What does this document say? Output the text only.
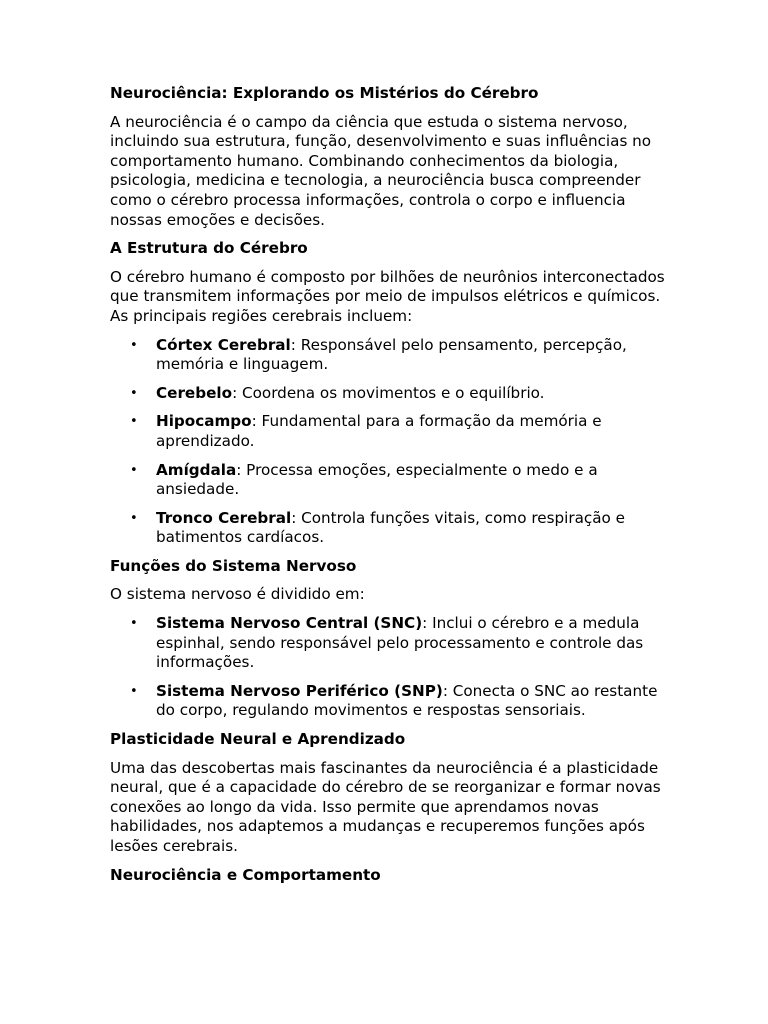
Neurociência: Explorando os Mistérios do Cérebro

A neurociência é o campo da ciência que estuda o sistema nervoso, incluindo sua estrutura, função, desenvolvimento e suas influências no comportamento humano. Combinando conhecimentos da biologia, psicologia, medicina e tecnologia, a neurociência busca compreender como o cérebro processa informações, controla o corpo e influencia nossas emoções e decisões.

A Estrutura do Cérebro

O cérebro humano é composto por bilhões de neurônios interconectados que transmitem informações por meio de impulsos elétricos e químicos. As principais regiões cerebrais incluem:

• Córtex Cerebral: Responsável pelo pensamento, percepção, memória e linguagem.
• Cerebelo: Coordena os movimentos e o equilíbrio.
• Hipocampo: Fundamental para a formação da memória e aprendizado.
• Amígdala: Processa emoções, especialmente o medo e a ansiedade.
• Tronco Cerebral: Controla funções vitais, como respiração e batimentos cardíacos.
Funções do Sistema Nervoso

O sistema nervoso é dividido em:

• Sistema Nervoso Central (SNC): Inclui o cérebro e a medula espinhal, sendo responsável pelo processamento e controle das informações.
• Sistema Nervoso Periférico (SNP): Conecta o SNC ao restante do corpo, regulando movimentos e respostas sensoriais.
Plasticidade Neural e Aprendizado

Uma das descobertas mais fascinantes da neurociência é a plasticidade neural, que é a capacidade do cérebro de se reorganizar e formar novas conexões ao longo da vida. Isso permite que aprendamos novas habilidades, nos adaptemos a mudanças e recuperemos funções após lesões cerebrais.

Neurociência e Comportamento
